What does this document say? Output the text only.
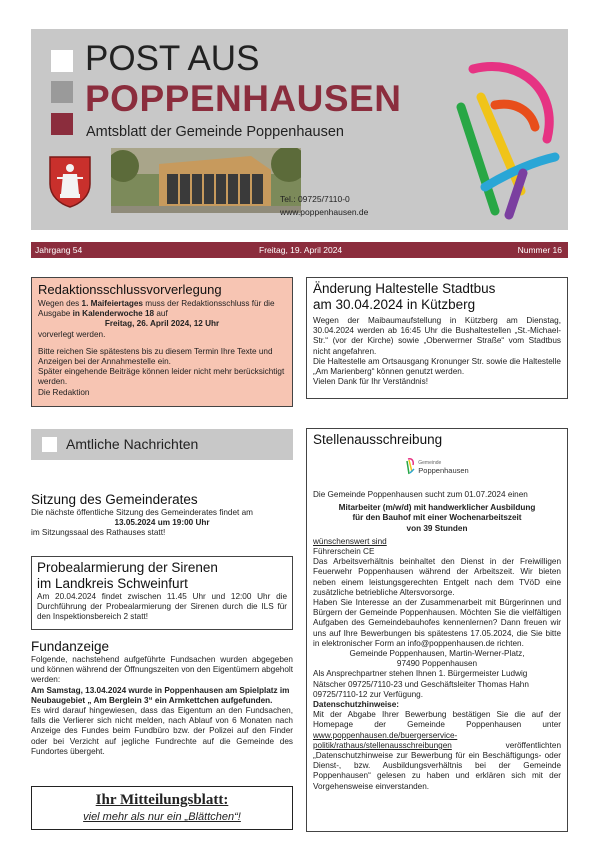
POST AUS
POPPENHAUSEN
Amtsblatt der Gemeinde Poppenhausen
Tel.: 09725/7110-0
www.poppenhausen.de
Jahrgang 54	Freitag, 19. April 2024	Nummer 16
Redaktionsschlussvorverlegung
Wegen des 1. Maifeiertages muss der Redaktionsschluss für die Ausgabe in Kalenderwoche 18 auf
Freitag, 26. April 2024, 12 Uhr
vorverlegt werden.
Bitte reichen Sie spätestens bis zu diesem Termin Ihre Texte und Anzeigen bei der Annahmestelle ein.
Später eingehende Beiträge können leider nicht mehr berücksichtigt werden.
Die Redaktion
Amtliche Nachrichten
Sitzung des Gemeinderates
Die nächste öffentliche Sitzung des Gemeinderates findet am
13.05.2024 um 19:00 Uhr
im Sitzungssaal des Rathauses statt!
Probealarmierung der Sirenen
im Landkreis Schweinfurt
Am 20.04.2024 findet zwischen 11.45 Uhr und 12:00 Uhr die Durchführung der Probealarmierung der Sirenen durch die ILS für den Inspektionsbereich 2 statt!
Fundanzeige
Folgende, nachstehend aufgeführte Fundsachen wurden abgegeben und können während der Öffnungszeiten von den Eigentümern abgeholt werden:
Am Samstag, 13.04.2024 wurde in Poppenhausen am Spielplatz im Neubaugebiet „ Am Berglein 3“ ein Armkettchen aufgefunden.
Es wird darauf hingewiesen, dass das Eigentum an den Fundsachen, falls die Verlierer sich nicht melden, nach Ablauf von 6 Monaten nach Anzeige des Fundes beim Fundbüro bzw. der Polizei auf den Finder oder bei Verzicht auf jegliche Fundrechte auf die Gemeinde des Fundortes übergeht.
Ihr Mitteilungsblatt:
viel mehr als nur ein „Blättchen“!
Änderung Haltestelle Stadtbus
am 30.04.2024 in Kützberg
Wegen der Maibaumaufstellung in Kützberg am Dienstag, 30.04.2024 werden ab 16:45 Uhr die Bushaltestellen „St.-Michael-Str.“ (vor der Kirche) sowie „Oberwerrner Straße“ vom Stadtbus nicht angefahren.
Die Haltestelle am Ortsausgang Kronunger Str. sowie die Haltestelle „Am Marienberg“ können genutzt werden.
Vielen Dank für Ihr Verständnis!
Stellenausschreibung
Gemeinde
Poppenhausen
Die Gemeinde Poppenhausen sucht zum 01.07.2024 einen
Mitarbeiter (m/w/d) mit handwerklicher Ausbildung
für den Bauhof mit einer Wochenarbeitszeit
von 39 Stunden
wünschenswert sind
Führerschein CE
Das Arbeitsverhältnis beinhaltet den Dienst in der Freiwilligen Feuerwehr Poppenhausen während der Arbeitszeit. Wir bieten neben einem leistungsgerechten Entgelt nach dem TVöD eine zusätzliche betriebliche Altersvorsorge.
Haben Sie Interesse an der Zusammenarbeit mit Bürgerinnen und Bürgern der Gemeinde Poppenhausen. Möchten Sie die vielfältigen Aufgaben des Gemeindebauhofes kennenlernen? Dann freuen wir uns auf Ihre Bewerbungen bis spätestens 17.05.2024, die Sie bitte in elektronischer Form an info@poppenhausen.de richten.
Gemeinde Poppenhausen, Martin-Werner-Platz,
97490 Poppenhausen
Als Ansprechpartner stehen Ihnen 1. Bürgermeister Ludwig Nätscher 09725/7110-23 und Geschäftsleiter Thomas Hahn 09725/7110-12 zur Verfügung.
Datenschutzhinweise:
Mit der Abgabe Ihrer Bewerbung bestätigen Sie die auf der Homepage der Gemeinde Poppenhausen unter www.poppenhausen.de/buergerservice-politik/rathaus/stellenausschreibungen veröffentlichten „Datenschutzhinweise zur Bewerbung für ein Beschäftigungs- oder Dienst-, bzw. Ausbildungsverhältnis bei der Gemeinde Poppenhausen“ gelesen zu haben und erklären sich mit der Vorgehensweise einverstanden.
